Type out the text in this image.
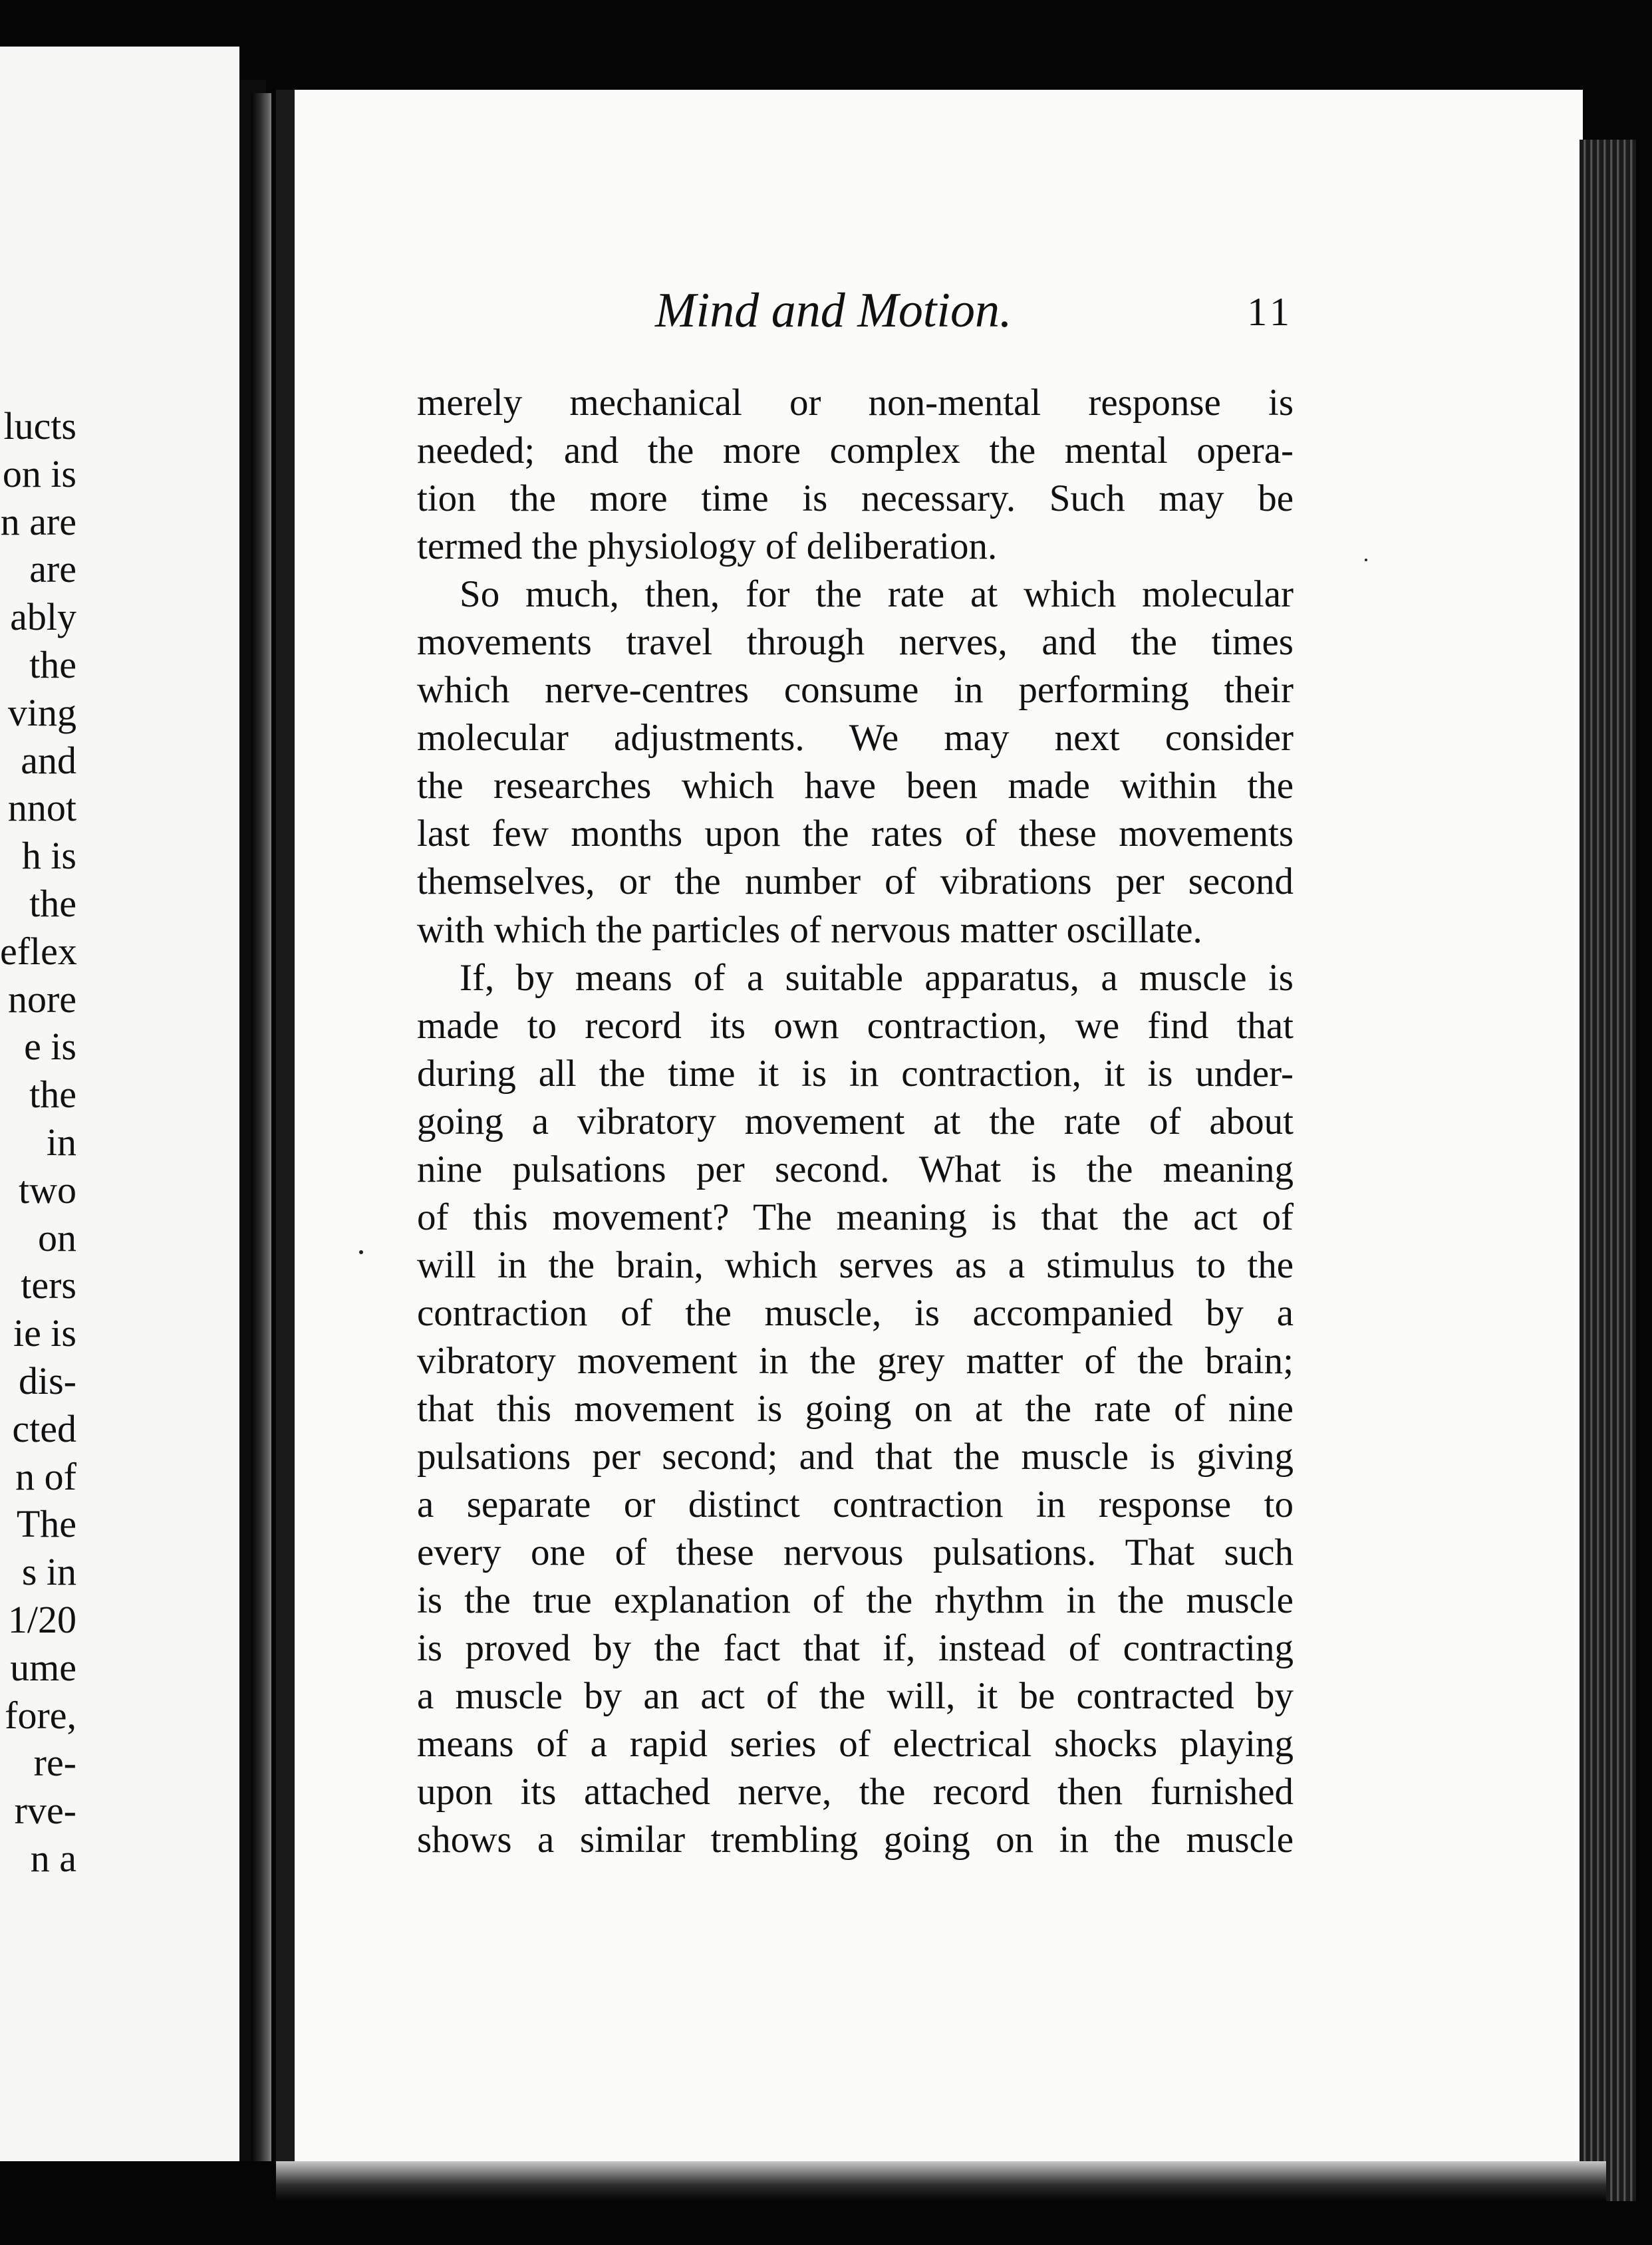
lucts
on is
n are
are
ably
the
ving
and
nnot
h is
the
eflex
nore
e is
the
in
two
on
ters
ie is
dis-
cted
n of
The
s in
1/20
ume
fore,
re-
rve-
n a
Mind and Motion.	11
merely mechanical or non-mental response is
needed; and the more complex the mental opera-
tion the more time is necessary. Such may be
termed the physiology of deliberation.
So much, then, for the rate at which molecular
movements travel through nerves, and the times
which nerve-centres consume in performing their
molecular adjustments. We may next consider
the researches which have been made within the
last few months upon the rates of these movements
themselves, or the number of vibrations per second
with which the particles of nervous matter oscillate.
If, by means of a suitable apparatus, a muscle is
made to record its own contraction, we find that
during all the time it is in contraction, it is under-
going a vibratory movement at the rate of about
nine pulsations per second. What is the meaning
of this movement? The meaning is that the act of
will in the brain, which serves as a stimulus to the
contraction of the muscle, is accompanied by a
vibratory movement in the grey matter of the brain;
that this movement is going on at the rate of nine
pulsations per second; and that the muscle is giving
a separate or distinct contraction in response to
every one of these nervous pulsations. That such
is the true explanation of the rhythm in the muscle
is proved by the fact that if, instead of contracting
a muscle by an act of the will, it be contracted by
means of a rapid series of electrical shocks playing
upon its attached nerve, the record then furnished
shows a similar trembling going on in the muscle
